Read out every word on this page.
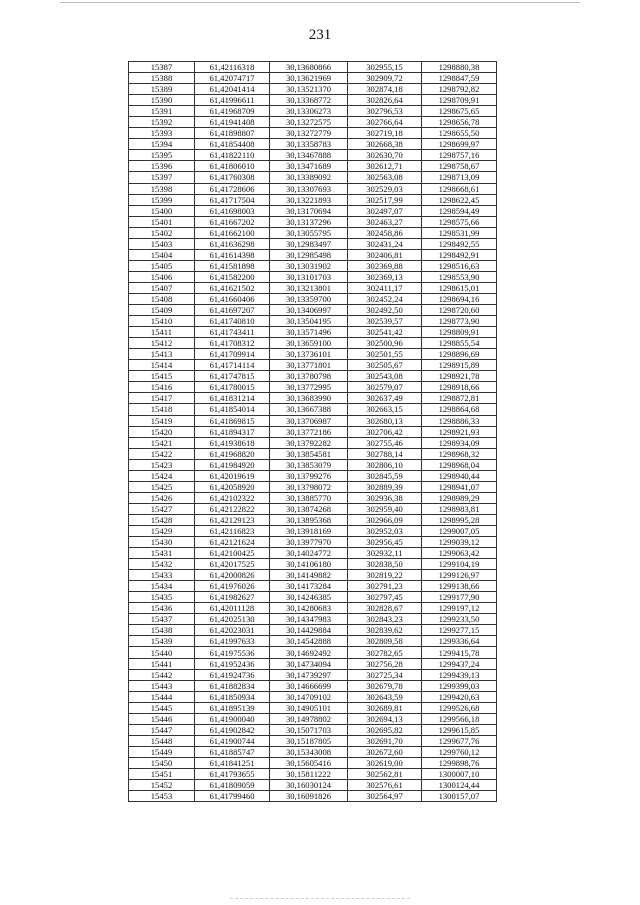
231
15387	61,42116318	30,13680866	302955,15	1298880,38
15388	61,42074717	30,13621969	302909,72	1298847,59
15389	61,42041414	30,13521370	302874,18	1298792,82
15390	61,41996611	30,13368772	302826,64	1298709,91
15391	61,41968709	30,13306273	302796,53	1298675,65
15392	61,41941408	30,13272575	302766,64	1298656,78
15393	61,41898807	30,13272779	302719,18	1298655,50
15394	61,41854408	30,13358783	302668,38	1298699,97
15395	61,41822110	30,13467888	302630,70	1298757,16
15396	61,41806010	30,13471689	302612,71	1298758,67
15397	61,41760308	30,13389092	302563,08	1298713,09
15398	61,41728606	30,13307693	302529,03	1298668,61
15399	61,41717504	30,13221893	302517,99	1298622,45
15400	61,41698003	30,13170694	302497,07	1298594,49
15401	61,41667202	30,13137296	302463,27	1298575,66
15402	61,41662100	30,13055795	302458,86	1298531,99
15403	61,41636298	30,12983497	302431,24	1298492,55
15404	61,41614398	30,12985498	302406,81	1298492,91
15405	61,41581898	30,13031902	302369,88	1298516,63
15406	61,41582200	30,13101703	302369,13	1298553,90
15407	61,41621502	30,13213801	302411,17	1298615,01
15408	61,41660406	30,13359700	302452,24	1298694,16
15409	61,41697207	30,13406997	302492,50	1298720,60
15410	61,41740810	30,13504195	302539,57	1298773,90
15411	61,41743411	30,13571496	302541,42	1298809,91
15412	61,41708312	30,13659100	302500,96	1298855,54
15413	61,41709914	30,13736101	302501,55	1298896,69
15414	61,41714114	30,13771801	302505,67	1298915,89
15415	61,41747815	30,13780798	302543,08	1298921,78
15416	61,41780015	30,13772995	302579,07	1298918,66
15417	61,41831214	30,13683990	302637,49	1298872,81
15418	61,41854014	30,13667388	302663,15	1298864,68
15419	61,41869815	30,13706987	302680,13	1298886,33
15420	61,41894317	30,13772186	302706,42	1298921,93
15421	61,41938618	30,13792282	302755,46	1298934,09
15422	61,41968820	30,13854581	302788,14	1298968,32
15423	61,41984920	30,13853079	302806,10	1298968,04
15424	61,42019619	30,13799276	302845,59	1298940,44
15425	61,42058920	30,13798072	302889,39	1298941,07
15426	61,42102322	30,13885770	302936,38	1298989,29
15427	61,42122822	30,13874268	302959,40	1298983,81
15428	61,42129123	30,13895368	302966,09	1298995,28
15429	61,42116823	30,13918169	302952,03	1299007,05
15430	61,42121624	30,13977970	302956,45	1299039,12
15431	61,42100425	30,14024772	302932,11	1299063,42
15432	61,42017525	30,14106180	302838,50	1299104,19
15433	61,42000826	30,14149882	302819,22	1299126,97
15434	61,41976026	30,14173284	302791,23	1299138,66
15435	61,41982627	30,14246385	302797,45	1299177,90
15436	61,42011128	30,14280683	302828,67	1299197,12
15437	61,42025130	30,14347983	302843,23	1299233,50
15438	61,42023031	30,14429884	302839,62	1299277,15
15439	61,41997633	30,14542888	302809,58	1299336,64
15440	61,41975536	30,14692492	302782,65	1299415,78
15441	61,41952436	30,14734094	302756,28	1299437,24
15442	61,41924736	30,14739297	302725,34	1299439,13
15443	61,41882834	30,14666699	302679,78	1299399,03
15444	61,41850934	30,14709102	302643,59	1299420,63
15445	61,41895139	30,14905101	302689,81	1299526,68
15446	61,41900040	30,14978802	302694,13	1299566,18
15447	61,41902842	30,15071703	302695,82	1299615,85
15448	61,41900744	30,15187805	302691,70	1299677,76
15449	61,41885747	30,15343008	302672,60	1299760,12
15450	61,41841251	30,15605416	302619,00	1299898,76
15451	61,41793655	30,15811222	302562,81	1300007,10
15452	61,41809059	30,16030124	302576,61	1300124,44
15453	61,41799460	30,16091826	302564,97	1300157,07
